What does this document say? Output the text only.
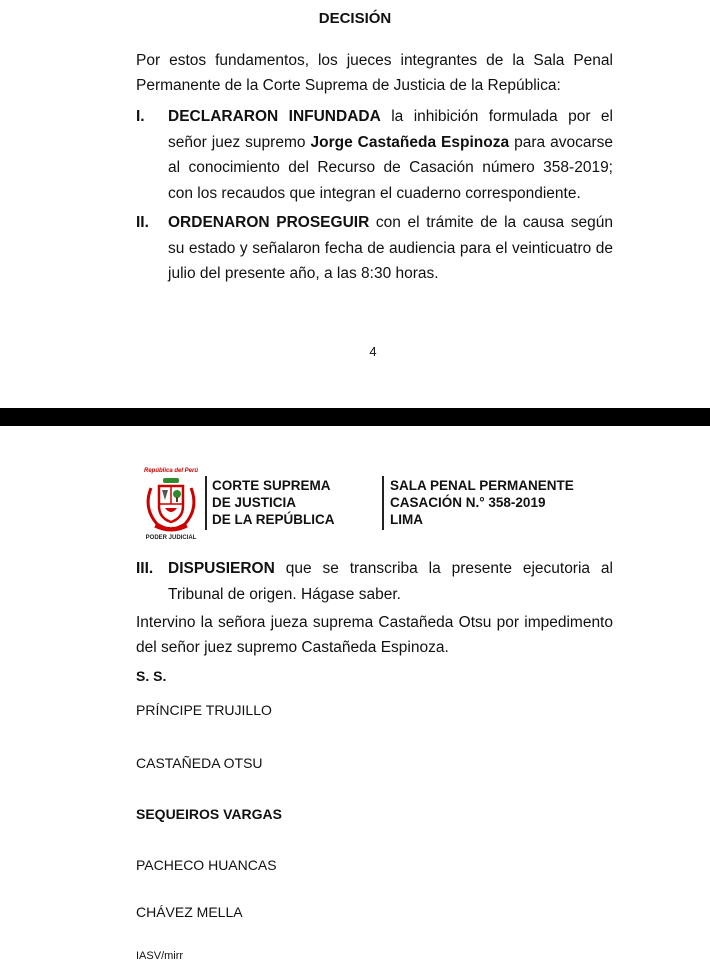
DECISIÓN
Por estos fundamentos, los jueces integrantes de la Sala Penal Permanente de la Corte Suprema de Justicia de la República:
I. DECLARARON INFUNDADA la inhibición formulada por el señor juez supremo Jorge Castañeda Espinoza para avocarse al conocimiento del Recurso de Casación número 358-2019; con los recaudos que integran el cuaderno correspondiente.
II. ORDENARON PROSEGUIR con el trámite de la causa según su estado y señalaron fecha de audiencia para el veinticuatro de julio del presente año, a las 8:30 horas.
4
República del Perú
PODER JUDICIAL
CORTE SUPREMA
DE JUSTICIA
DE LA REPÚBLICA
SALA PENAL PERMANENTE
CASACIÓN N.° 358-2019
LIMA
III. DISPUSIERON que se transcriba la presente ejecutoria al Tribunal de origen. Hágase saber.
Intervino la señora jueza suprema Castañeda Otsu por impedimento del señor juez supremo Castañeda Espinoza.
S. S.
PRÍNCIPE TRUJILLO
CASTAÑEDA OTSU
SEQUEIROS VARGAS
PACHECO HUANCAS
CHÁVEZ MELLA
IASV/mirr
